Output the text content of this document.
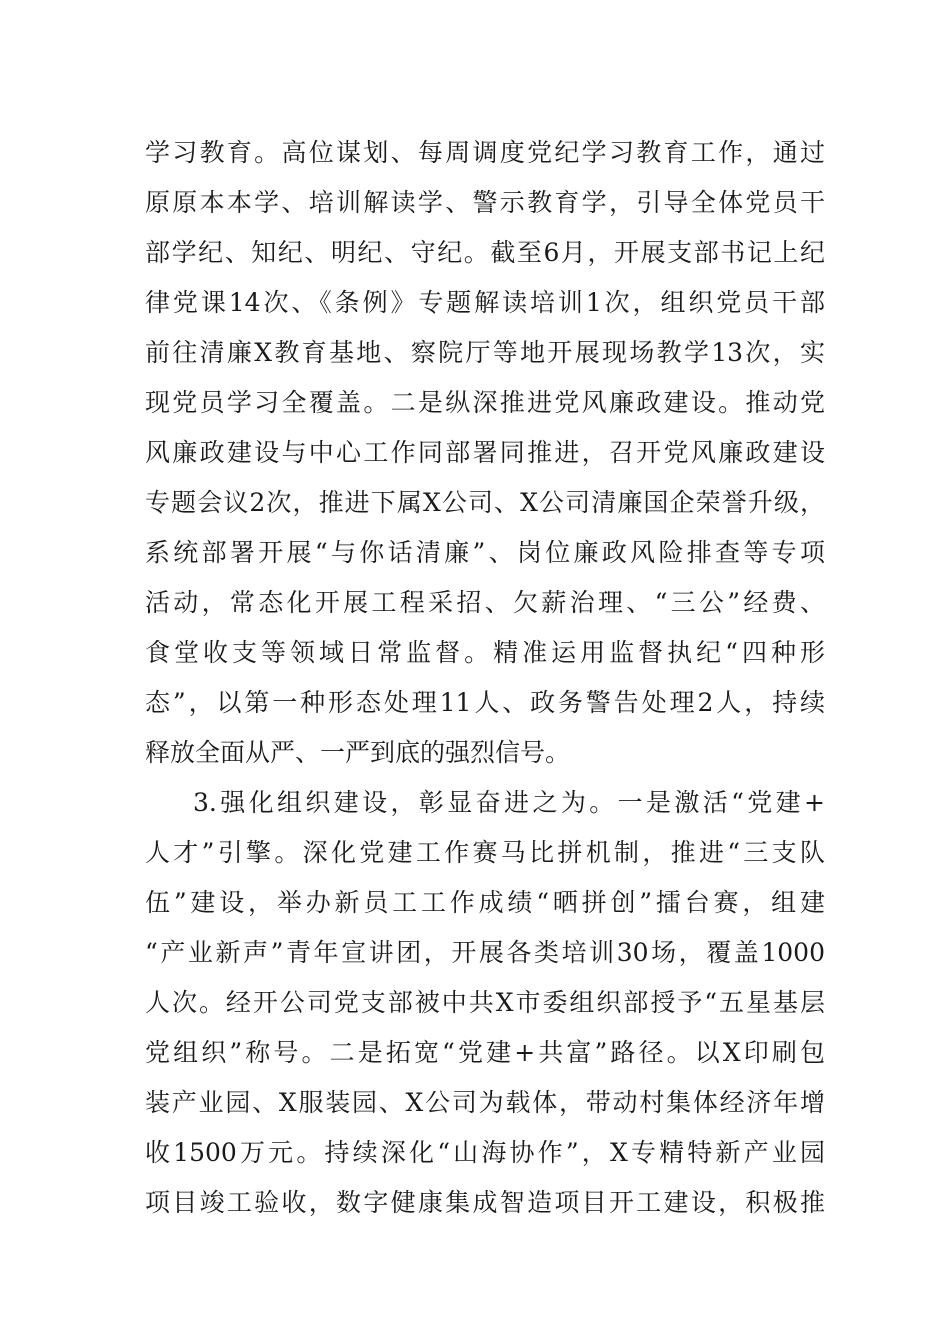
学习教育。高位谋划、每周调度党纪学习教育工作，通过
原原本本学、培训解读学、警示教育学，引导全体党员干
部学纪、知纪、明纪、守纪。截至6月，开展支部书记上纪
律党课14次、《条例》专题解读培训1次，组织党员干部
前往清廉X教育基地、察院厅等地开展现场教学13次，实
现党员学习全覆盖。二是纵深推进党风廉政建设。推动党
风廉政建设与中心工作同部署同推进，召开党风廉政建设
专题会议2次，推进下属X公司、X公司清廉国企荣誉升级，
系统部署开展“与你话清廉”、岗位廉政风险排查等专项
活动，常态化开展工程采招、欠薪治理、“三公”经费、
食堂收支等领域日常监督。精准运用监督执纪“四种形
态”，以第一种形态处理11人、政务警告处理2人，持续
释放全面从严、一严到底的强烈信号。
3.强化组织建设，彰显奋进之为。一是激活“党建+
人才”引擎。深化党建工作赛马比拼机制，推进“三支队
伍”建设，举办新员工工作成绩“晒拼创”擂台赛，组建
“产业新声”青年宣讲团，开展各类培训30场，覆盖1000
人次。经开公司党支部被中共X市委组织部授予“五星基层
党组织”称号。二是拓宽“党建+共富”路径。以X印刷包
装产业园、X服装园、X公司为载体，带动村集体经济年增
收1500万元。持续深化“山海协作”，X专精特新产业园
项目竣工验收，数字健康集成智造项目开工建设，积极推
